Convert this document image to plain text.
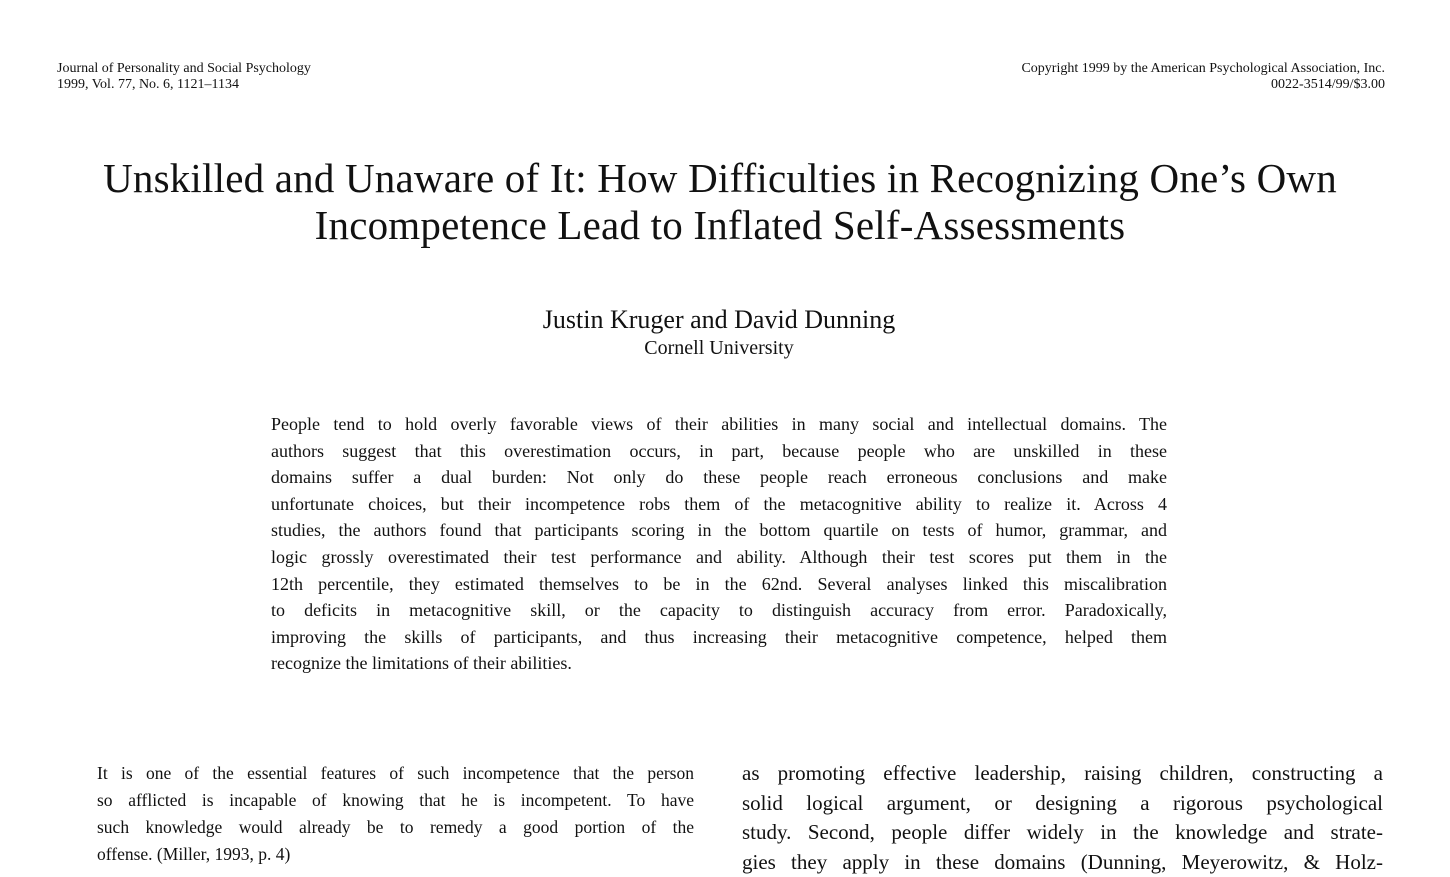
Journal of Personality and Social Psychology
1999, Vol. 77, No. 6, 1121–1134
Copyright 1999 by the American Psychological Association, Inc.
0022-3514/99/$3.00
Unskilled and Unaware of It: How Difficulties in Recognizing One’s Own
Incompetence Lead to Inflated Self-Assessments
Justin Kruger and David Dunning
Cornell University
People tend to hold overly favorable views of their abilities in many social and intellectual domains. The
authors suggest that this overestimation occurs, in part, because people who are unskilled in these
domains suffer a dual burden: Not only do these people reach erroneous conclusions and make
unfortunate choices, but their incompetence robs them of the metacognitive ability to realize it. Across 4
studies, the authors found that participants scoring in the bottom quartile on tests of humor, grammar, and
logic grossly overestimated their test performance and ability. Although their test scores put them in the
12th percentile, they estimated themselves to be in the 62nd. Several analyses linked this miscalibration
to deficits in metacognitive skill, or the capacity to distinguish accuracy from error. Paradoxically,
improving the skills of participants, and thus increasing their metacognitive competence, helped them
recognize the limitations of their abilities.
It is one of the essential features of such incompetence that the person
so afflicted is incapable of knowing that he is incompetent. To have
such knowledge would already be to remedy a good portion of the
offense. (Miller, 1993, p. 4)
as promoting effective leadership, raising children, constructing a
solid logical argument, or designing a rigorous psychological
study. Second, people differ widely in the knowledge and strate-
gies they apply in these domains (Dunning, Meyerowitz, & Holz-
